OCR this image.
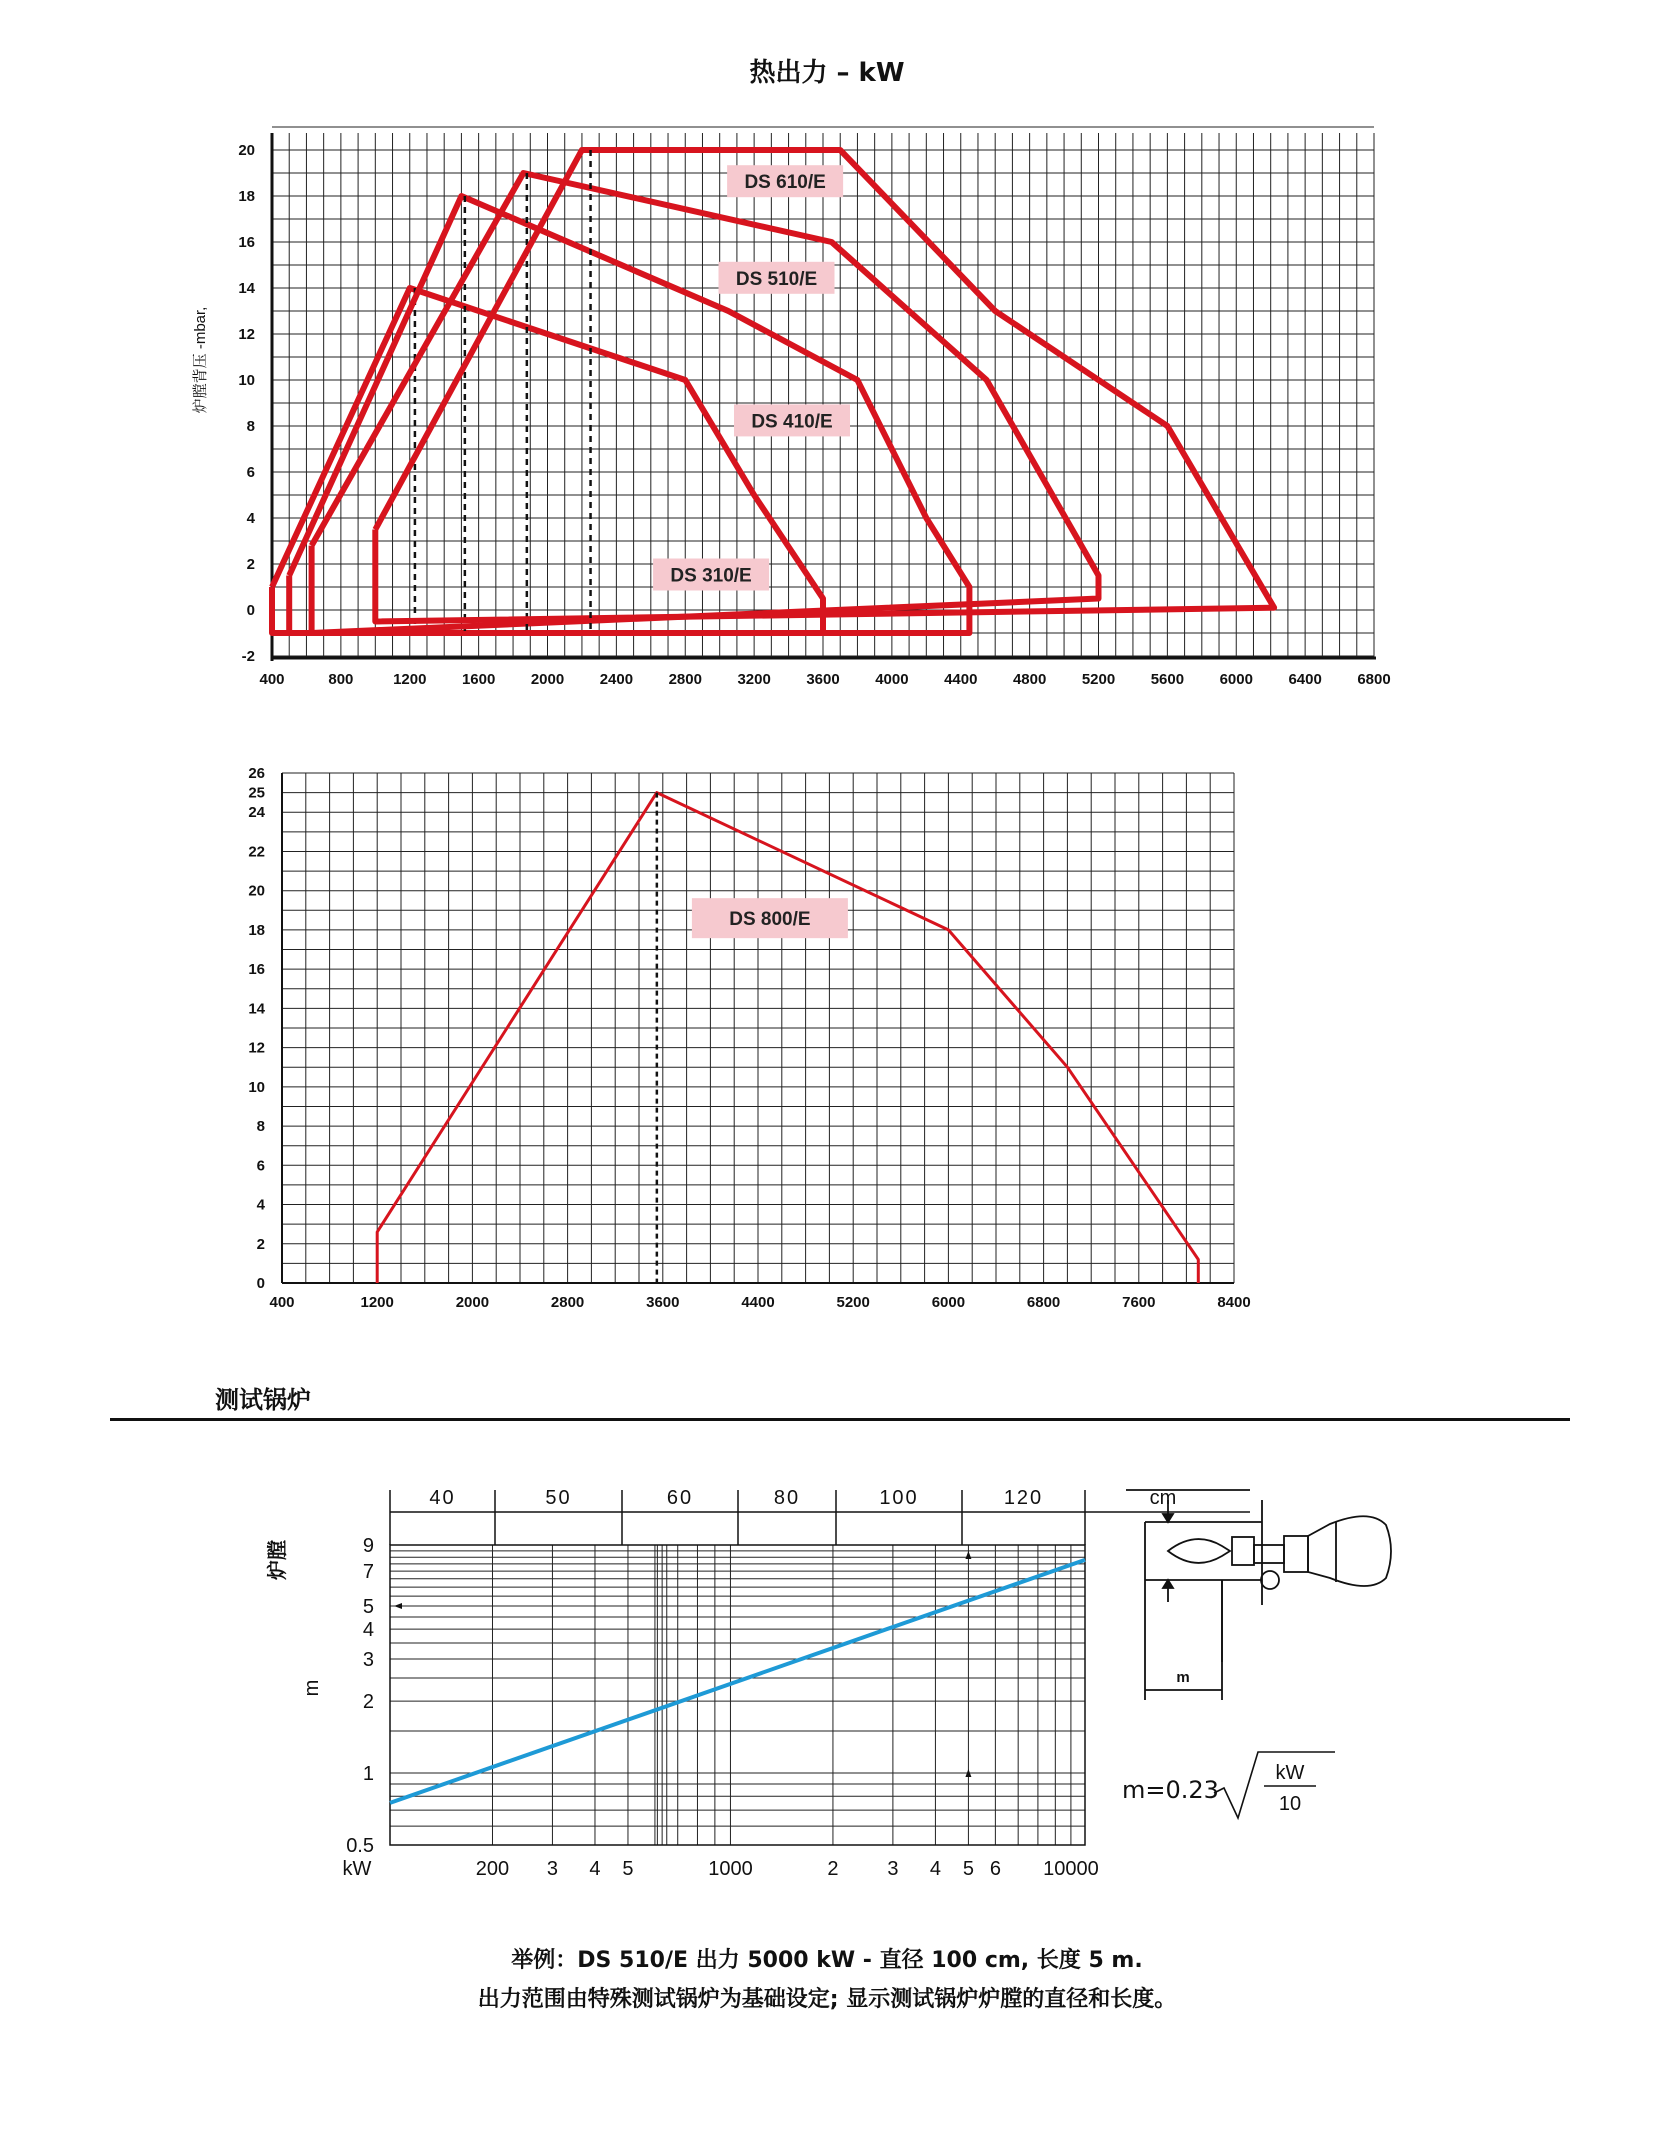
热出力 – kW
400	800	1200 1600 2000 2400 2800 3200 3600 4000 4400 4800 5200 5600 6000 6400 6800
-2
0
2
4
6
8
10
12
14
16
18
20
炉膛背压 -mbar,
DS 610/E
DS 510/E
DS 410/E
DS 310/E
400	1200	2000	2800	3600	4400	5200	6000	6800	7600	8400
0
2
4
6
8
10
12
14
16
18
20
22
24
25
26
DS 800/E
测试锅炉
200 3 4 5	1000	2 3 4 5 6 10000
0.5
1
2
3
4
5
7
9
kW
炉膛
m
40	50	60	80	100	120	cm
m
kW
10
m=0.23
举例：DS 510/E 出力 5000 kW - 直径 100 cm, 长度 5 m.
出力范围由特殊测试锅炉为基础设定; 显示测试锅炉炉膛的直径和长度。
